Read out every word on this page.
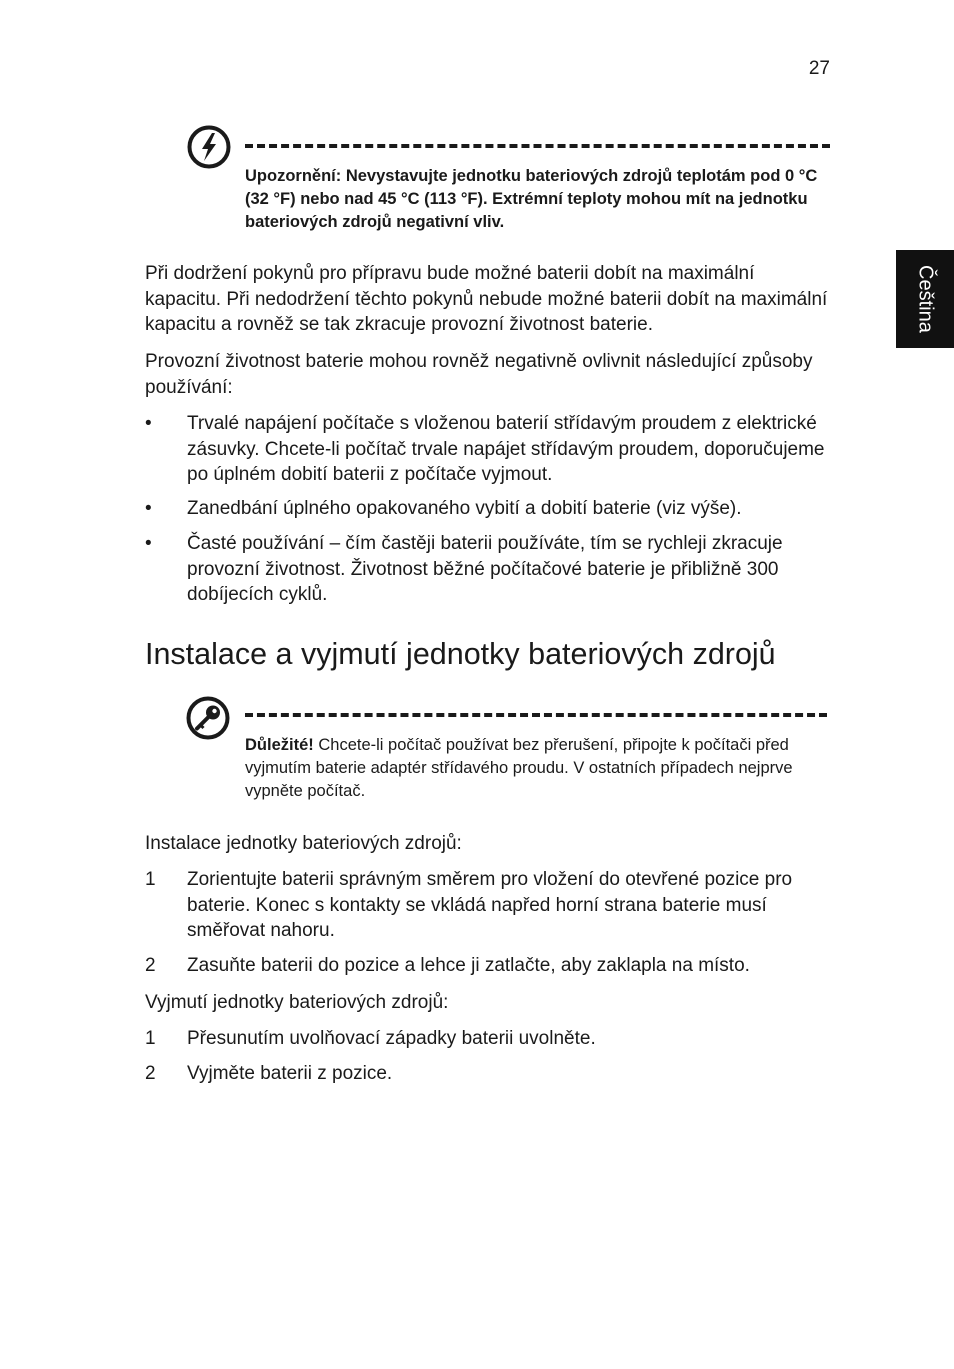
27
Čeština
Upozornění: Nevystavujte jednotku bateriových zdrojů teplotám pod 0 °C (32 °F) nebo nad 45 °C (113 °F). Extrémní teploty mohou mít na jednotku bateriových zdrojů negativní vliv.
Při dodržení pokynů pro přípravu bude možné baterii dobít na maximální kapacitu. Při nedodržení těchto pokynů nebude možné baterii dobít na maximální kapacitu a rovněž se tak zkracuje provozní životnost baterie.
Provozní životnost baterie mohou rovněž negativně ovlivnit následující způsoby používání:
•	Trvalé napájení počítače s vloženou baterií střídavým proudem z elektrické zásuvky. Chcete-li počítač trvale napájet střídavým proudem, doporučujeme po úplném dobití baterii z počítače vyjmout.
•	Zanedbání úplného opakovaného vybití a dobití baterie (viz výše).
•	Časté používání – čím častěji baterii používáte, tím se rychleji zkracuje provozní životnost. Životnost běžné počítačové baterie je přibližně 300 dobíjecích cyklů.
Instalace a vyjmutí jednotky bateriových zdrojů
Důležité! Chcete-li počítač používat bez přerušení, připojte k počítači před vyjmutím baterie adaptér střídavého proudu. V ostatních případech nejprve vypněte počítač.
Instalace jednotky bateriových zdrojů:
1	Zorientujte baterii správným směrem pro vložení do otevřené pozice pro baterie. Konec s kontakty se vkládá napřed horní strana baterie musí směřovat nahoru.
2	Zasuňte baterii do pozice a lehce ji zatlačte, aby zaklapla na místo.
Vyjmutí jednotky bateriových zdrojů:
1	Přesunutím uvolňovací západky baterii uvolněte.
2	Vyjměte baterii z pozice.
